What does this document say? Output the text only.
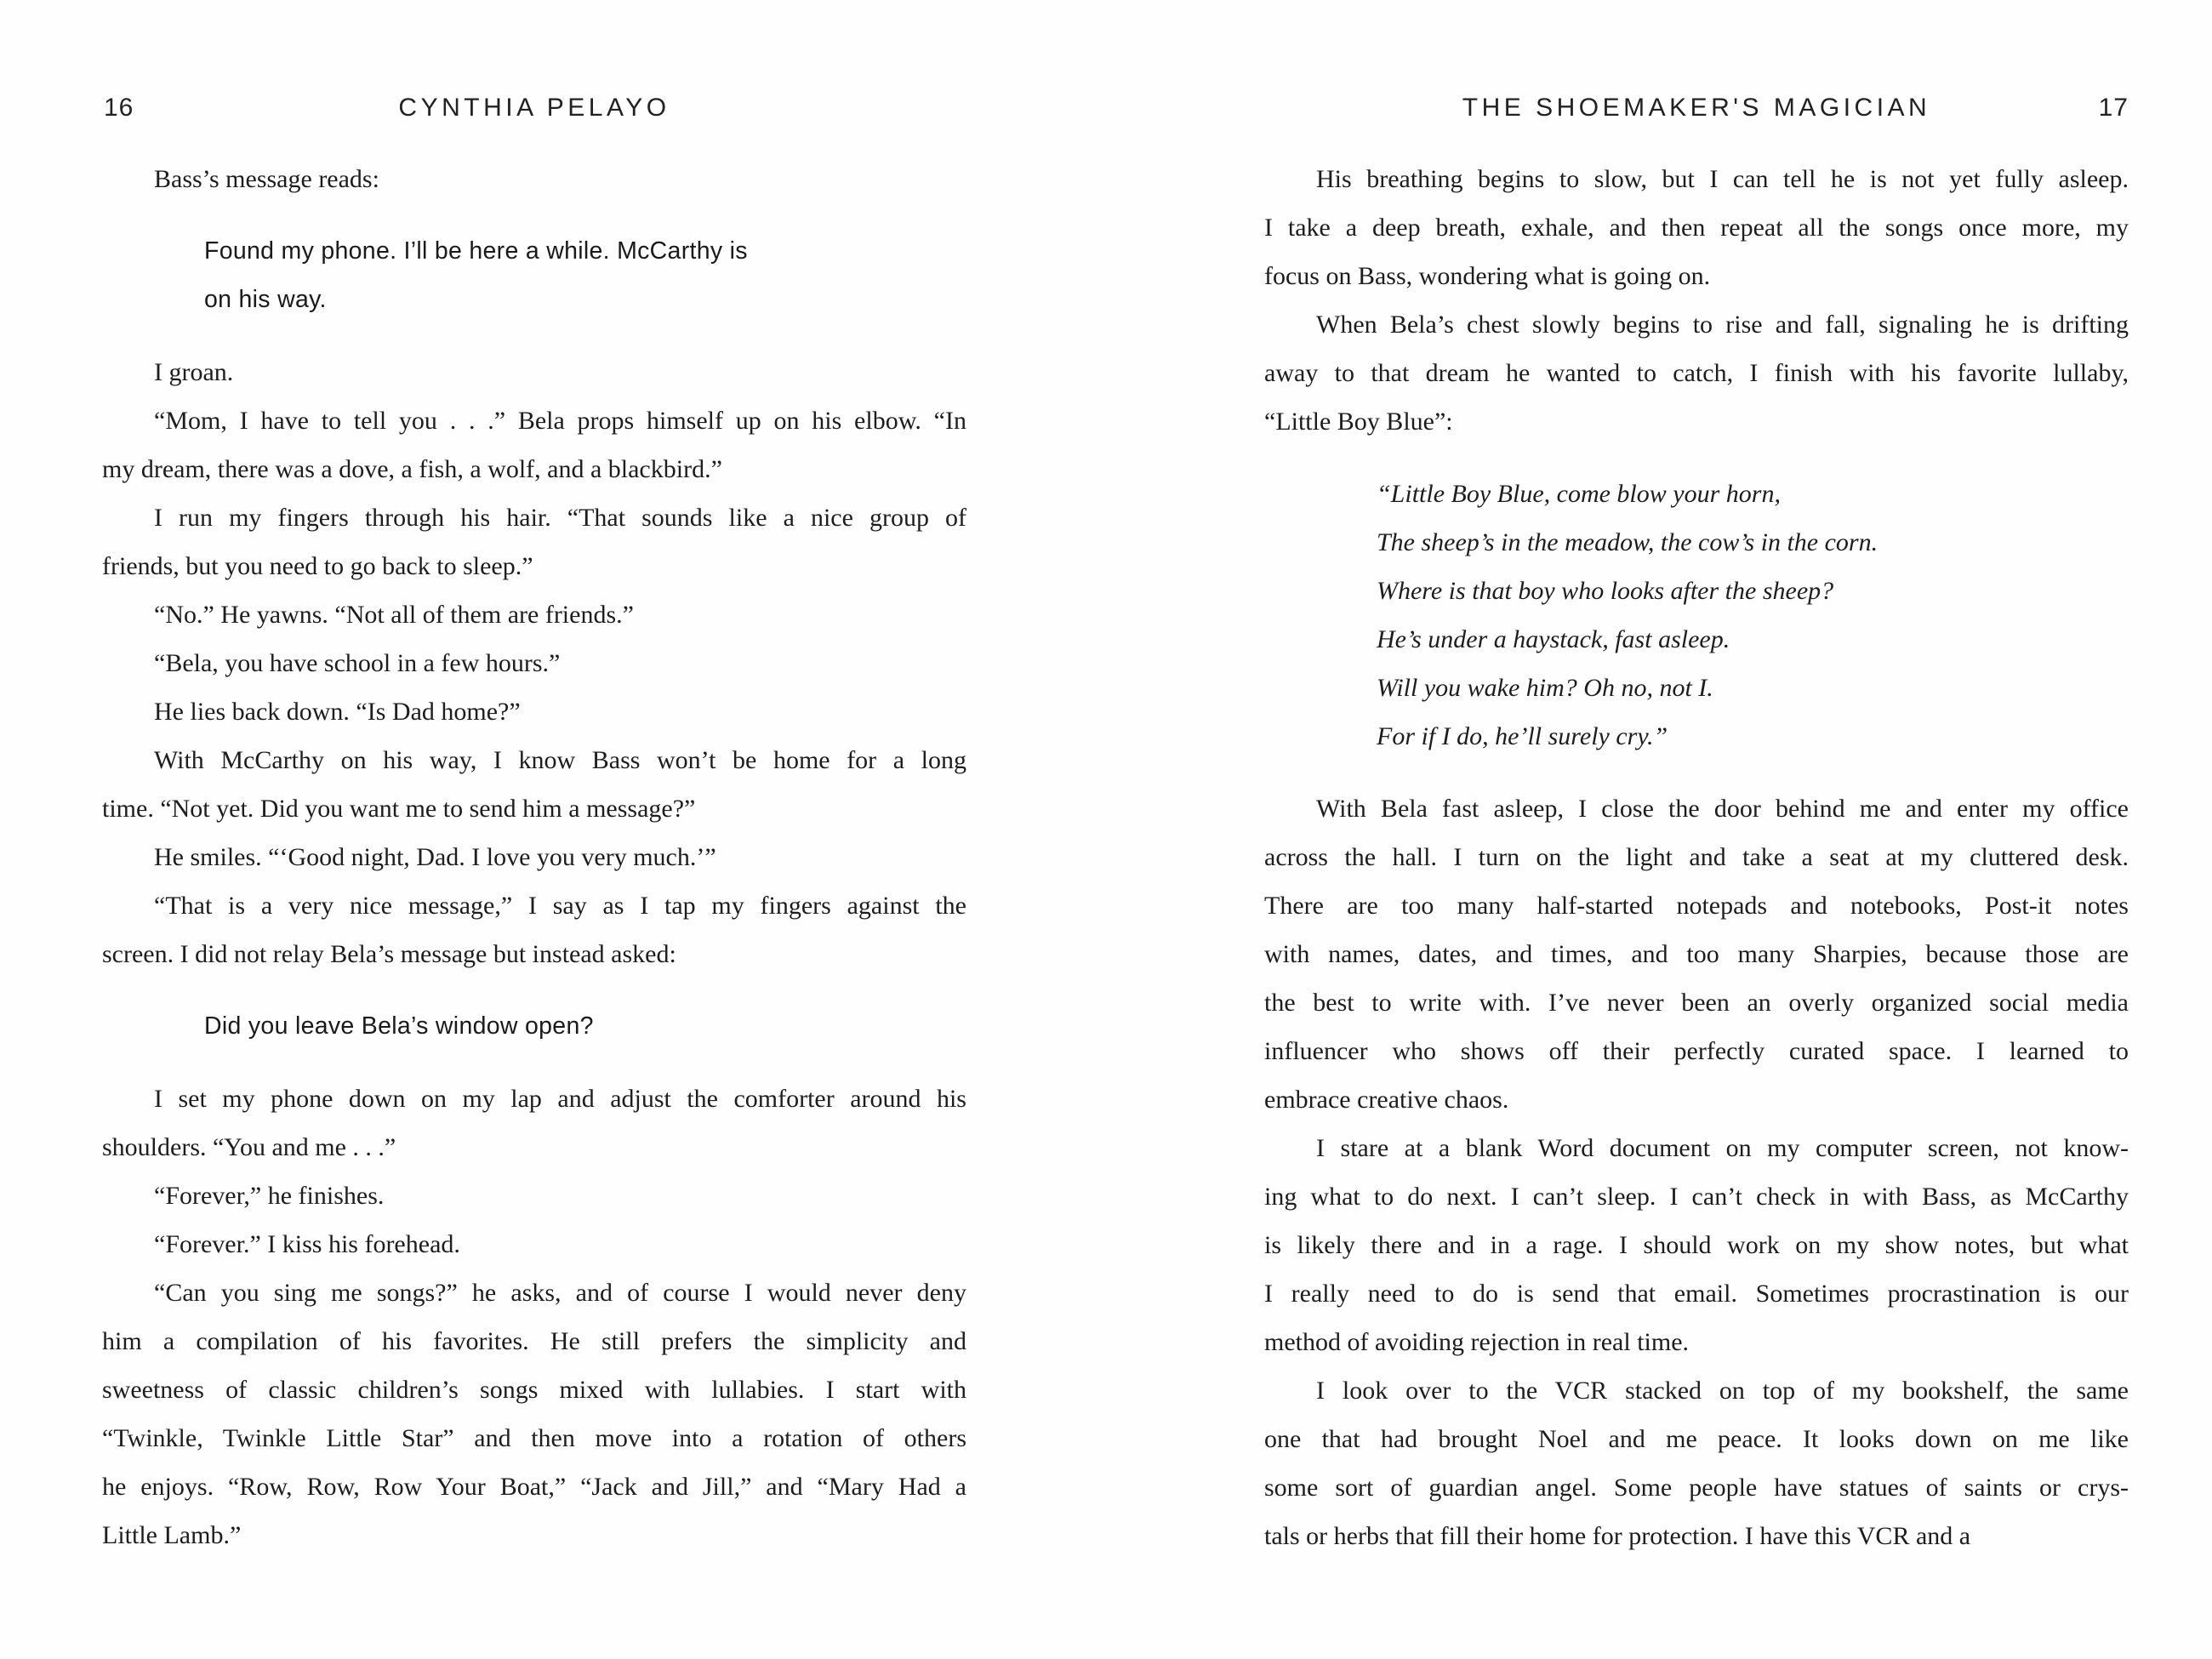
16	CYNTHIA PELAYO
Bass’s message reads:
Found my phone. I’ll be here a while. McCarthy is
on his way.
I groan.
“Mom, I have to tell you . . .” Bela props himself up on his elbow. “In
my dream, there was a dove, a fish, a wolf, and a blackbird.”
I run my fingers through his hair. “That sounds like a nice group of
friends, but you need to go back to sleep.”
“No.” He yawns. “Not all of them are friends.”
“Bela, you have school in a few hours.”
He lies back down. “Is Dad home?”
With McCarthy on his way, I know Bass won’t be home for a long
time. “Not yet. Did you want me to send him a message?”
He smiles. “‘Good night, Dad. I love you very much.’”
“That is a very nice message,” I say as I tap my fingers against the
screen. I did not relay Bela’s message but instead asked:
Did you leave Bela’s window open?
I set my phone down on my lap and adjust the comforter around his
shoulders. “You and me . . .”
“Forever,” he finishes.
“Forever.” I kiss his forehead.
“Can you sing me songs?” he asks, and of course I would never deny
him a compilation of his favorites. He still prefers the simplicity and
sweetness of classic children’s songs mixed with lullabies. I start with
“Twinkle, Twinkle Little Star” and then move into a rotation of others
he enjoys. “Row, Row, Row Your Boat,” “Jack and Jill,” and “Mary Had a
Little Lamb.”
THE SHOEMAKER'S MAGICIAN	17
His breathing begins to slow, but I can tell he is not yet fully asleep.
I take a deep breath, exhale, and then repeat all the songs once more, my
focus on Bass, wondering what is going on.
When Bela’s chest slowly begins to rise and fall, signaling he is drifting
away to that dream he wanted to catch, I finish with his favorite lullaby,
“Little Boy Blue”:
“Little Boy Blue, come blow your horn,
The sheep’s in the meadow, the cow’s in the corn.
Where is that boy who looks after the sheep?
He’s under a haystack, fast asleep.
Will you wake him? Oh no, not I.
For if I do, he’ll surely cry.”
With Bela fast asleep, I close the door behind me and enter my office
across the hall. I turn on the light and take a seat at my cluttered desk.
There are too many half-started notepads and notebooks, Post-it notes
with names, dates, and times, and too many Sharpies, because those are
the best to write with. I’ve never been an overly organized social media
influencer who shows off their perfectly curated space. I learned to
embrace creative chaos.
I stare at a blank Word document on my computer screen, not know-
ing what to do next. I can’t sleep. I can’t check in with Bass, as McCarthy
is likely there and in a rage. I should work on my show notes, but what
I really need to do is send that email. Sometimes procrastination is our
method of avoiding rejection in real time.
I look over to the VCR stacked on top of my bookshelf, the same
one that had brought Noel and me peace. It looks down on me like
some sort of guardian angel. Some people have statues of saints or crys-
tals or herbs that fill their home for protection. I have this VCR and a
